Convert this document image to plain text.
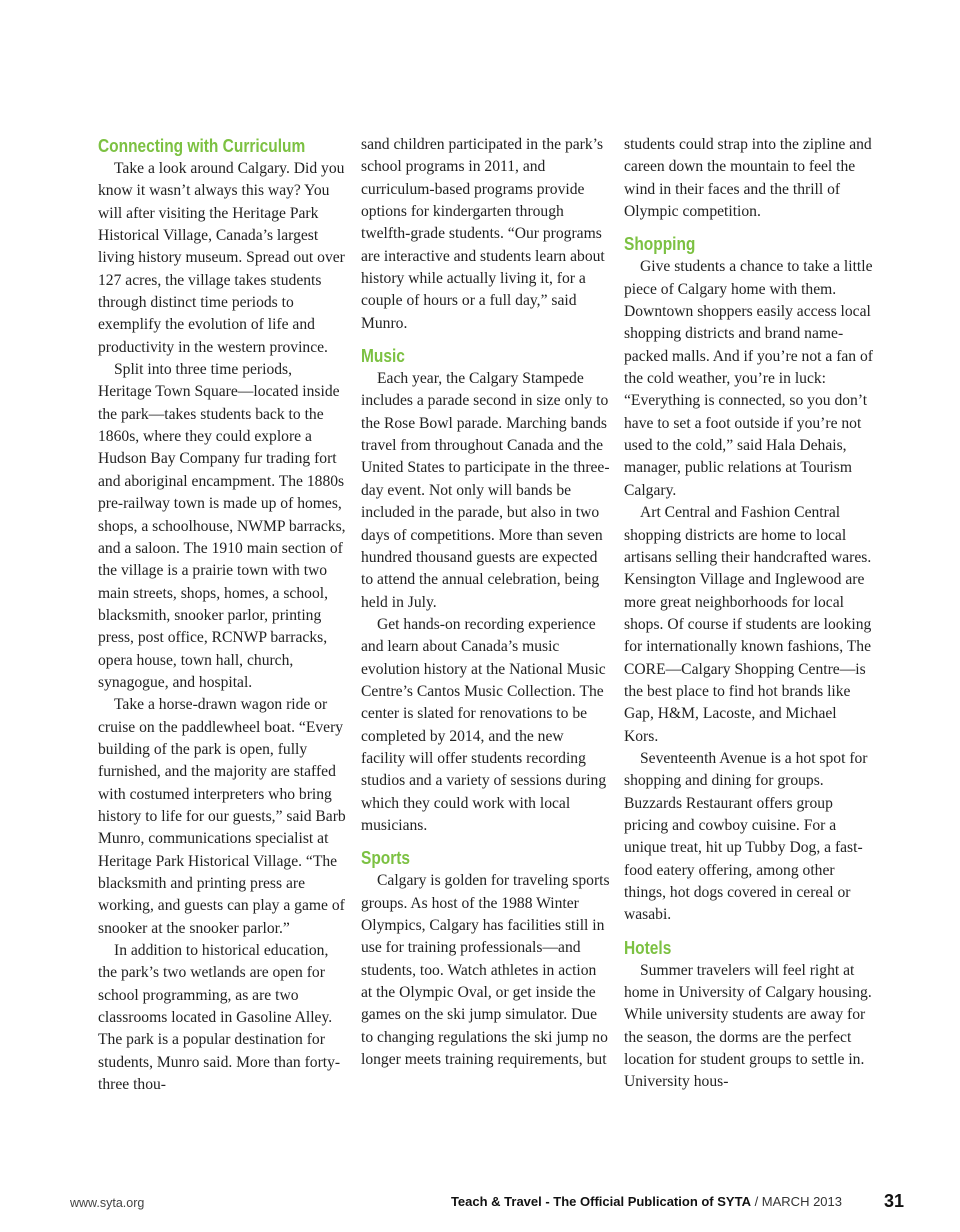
Connecting with Curriculum

Take a look around Calgary. Did you know it wasn’t always this way? You will after visiting the Heritage Park Historical Village, Canada’s largest living history museum. Spread out over 127 acres, the village takes students through distinct time periods to exemplify the evolution of life and productivity in the western province.

Split into three time periods, Heritage Town Square—located inside the park—takes students back to the 1860s, where they could explore a Hudson Bay Company fur trading fort and aboriginal encampment. The 1880s pre-railway town is made up of homes, shops, a schoolhouse, NWMP barracks, and a saloon. The 1910 main section of the village is a prairie town with two main streets, shops, homes, a school, blacksmith, snooker parlor, printing press, post office, RCNWP barracks, opera house, town hall, church, synagogue, and hospital.

Take a horse-drawn wagon ride or cruise on the paddlewheel boat. “Every building of the park is open, fully furnished, and the majority are staffed with costumed interpreters who bring history to life for our guests,” said Barb Munro, communications specialist at Heritage Park Historical Village. “The blacksmith and printing press are working, and guests can play a game of snooker at the snooker parlor.”

In addition to historical education, the park’s two wetlands are open for school programming, as are two classrooms located in Gasoline Alley. The park is a popular destination for students, Munro said. More than forty-three thou-

sand children participated in the park’s school programs in 2011, and curriculum-based programs provide options for kindergarten through twelfth-grade students. “Our programs are interactive and students learn about history while actually living it, for a couple of hours or a full day,” said Munro.

Music

Each year, the Calgary Stampede includes a parade second in size only to the Rose Bowl parade. Marching bands travel from throughout Canada and the United States to participate in the three-day event. Not only will bands be included in the parade, but also in two days of competitions. More than seven hundred thousand guests are expected to attend the annual celebration, being held in July.

Get hands-on recording experience and learn about Canada’s music evolution history at the National Music Centre’s Cantos Music Collection. The center is slated for renovations to be completed by 2014, and the new facility will offer students recording studios and a variety of sessions during which they could work with local musicians.

Sports

Calgary is golden for traveling sports groups. As host of the 1988 Winter Olympics, Calgary has facilities still in use for training professionals—and students, too. Watch athletes in action at the Olympic Oval, or get inside the games on the ski jump simulator. Due to changing regulations the ski jump no longer meets training requirements, but

students could strap into the zipline and careen down the mountain to feel the wind in their faces and the thrill of Olympic competition.

Shopping

Give students a chance to take a little piece of Calgary home with them. Downtown shoppers easily access local shopping districts and brand name-packed malls. And if you’re not a fan of the cold weather, you’re in luck: “Everything is connected, so you don’t have to set a foot outside if you’re not used to the cold,” said Hala Dehais, manager, public relations at Tourism Calgary.

Art Central and Fashion Central shopping districts are home to local artisans selling their handcrafted wares. Kensington Village and Inglewood are more great neighborhoods for local shops. Of course if students are looking for internationally known fashions, The CORE—Calgary Shopping Centre—is the best place to find hot brands like Gap, H&M, Lacoste, and Michael Kors.

Seventeenth Avenue is a hot spot for shopping and dining for groups. Buzzards Restaurant offers group pricing and cowboy cuisine. For a unique treat, hit up Tubby Dog, a fast-food eatery offering, among other things, hot dogs covered in cereal or wasabi.

Hotels

Summer travelers will feel right at home in University of Calgary housing. While university students are away for the season, the dorms are the perfect location for student groups to settle in. University hous-

www.syta.org	Teach & Travel - The Official Publication of SYTA / MARCH 2013 31
